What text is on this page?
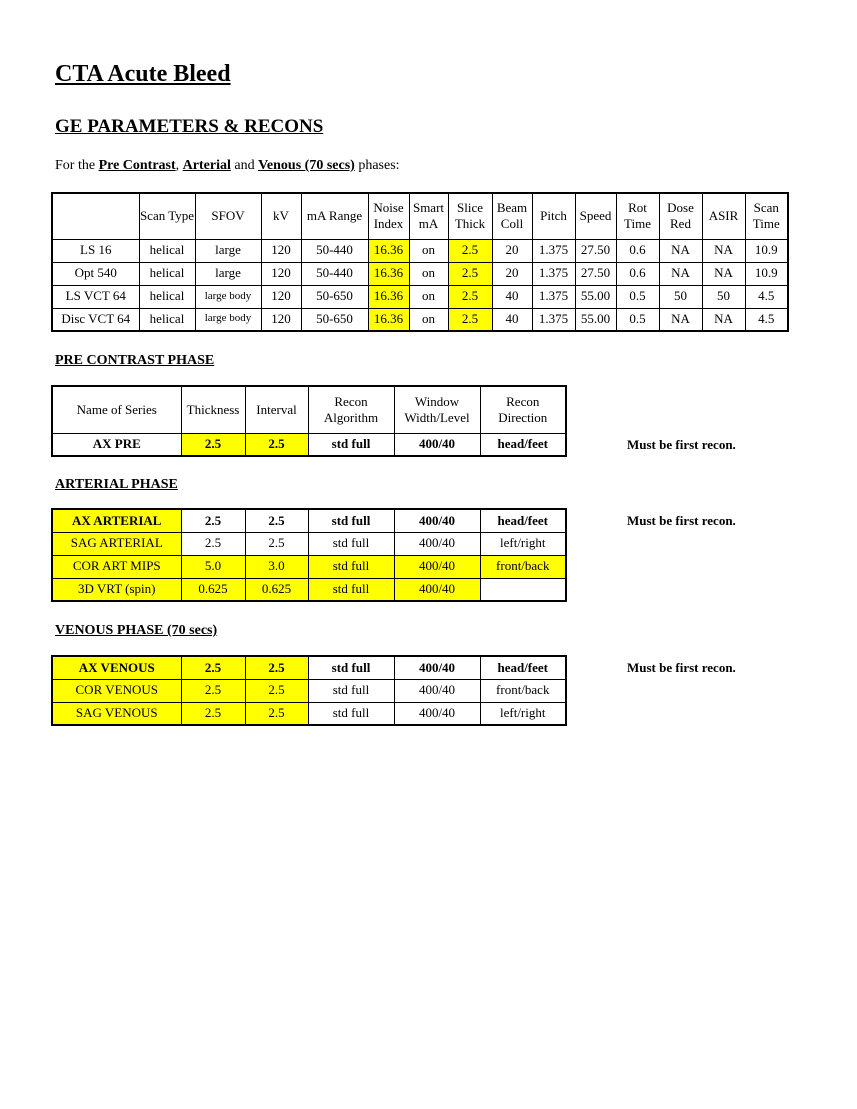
CTA Acute Bleed
GE PARAMETERS & RECONS
For the Pre Contrast, Arterial and Venous (70 secs) phases:
	Scan Type	SFOV	kV	mA Range	Noise Index	Smart mA	Slice Thick	Beam Coll	Pitch	Speed	Rot Time	Dose Red	ASIR	Scan Time
LS 16	helical	large	120	50-440	16.36	on	2.5	20	1.375	27.50	0.6	NA	NA	10.9
Opt 540	helical	large	120	50-440	16.36	on	2.5	20	1.375	27.50	0.6	NA	NA	10.9
LS VCT 64	helical	large body	120	50-650	16.36	on	2.5	40	1.375	55.00	0.5	50	50	4.5
Disc VCT 64	helical	large body	120	50-650	16.36	on	2.5	40	1.375	55.00	0.5	NA	NA	4.5
PRE CONTRAST PHASE
Name of Series	Thickness	Interval	Recon Algorithm	Window Width/Level	Recon Direction
AX PRE	2.5	2.5	std full	400/40	head/feet	Must be first recon.
ARTERIAL PHASE
AX ARTERIAL	2.5	2.5	std full	400/40	head/feet
SAG ARTERIAL	2.5	2.5	std full	400/40	left/right
COR ART MIPS	5.0	3.0	std full	400/40	front/back
3D VRT (spin)	0.625	0.625	std full	400/40	
Must be first recon.
VENOUS PHASE (70 secs)
AX VENOUS	2.5	2.5	std full	400/40	head/feet
COR VENOUS	2.5	2.5	std full	400/40	front/back
SAG VENOUS	2.5	2.5	std full	400/40	left/right
Must be first recon.
